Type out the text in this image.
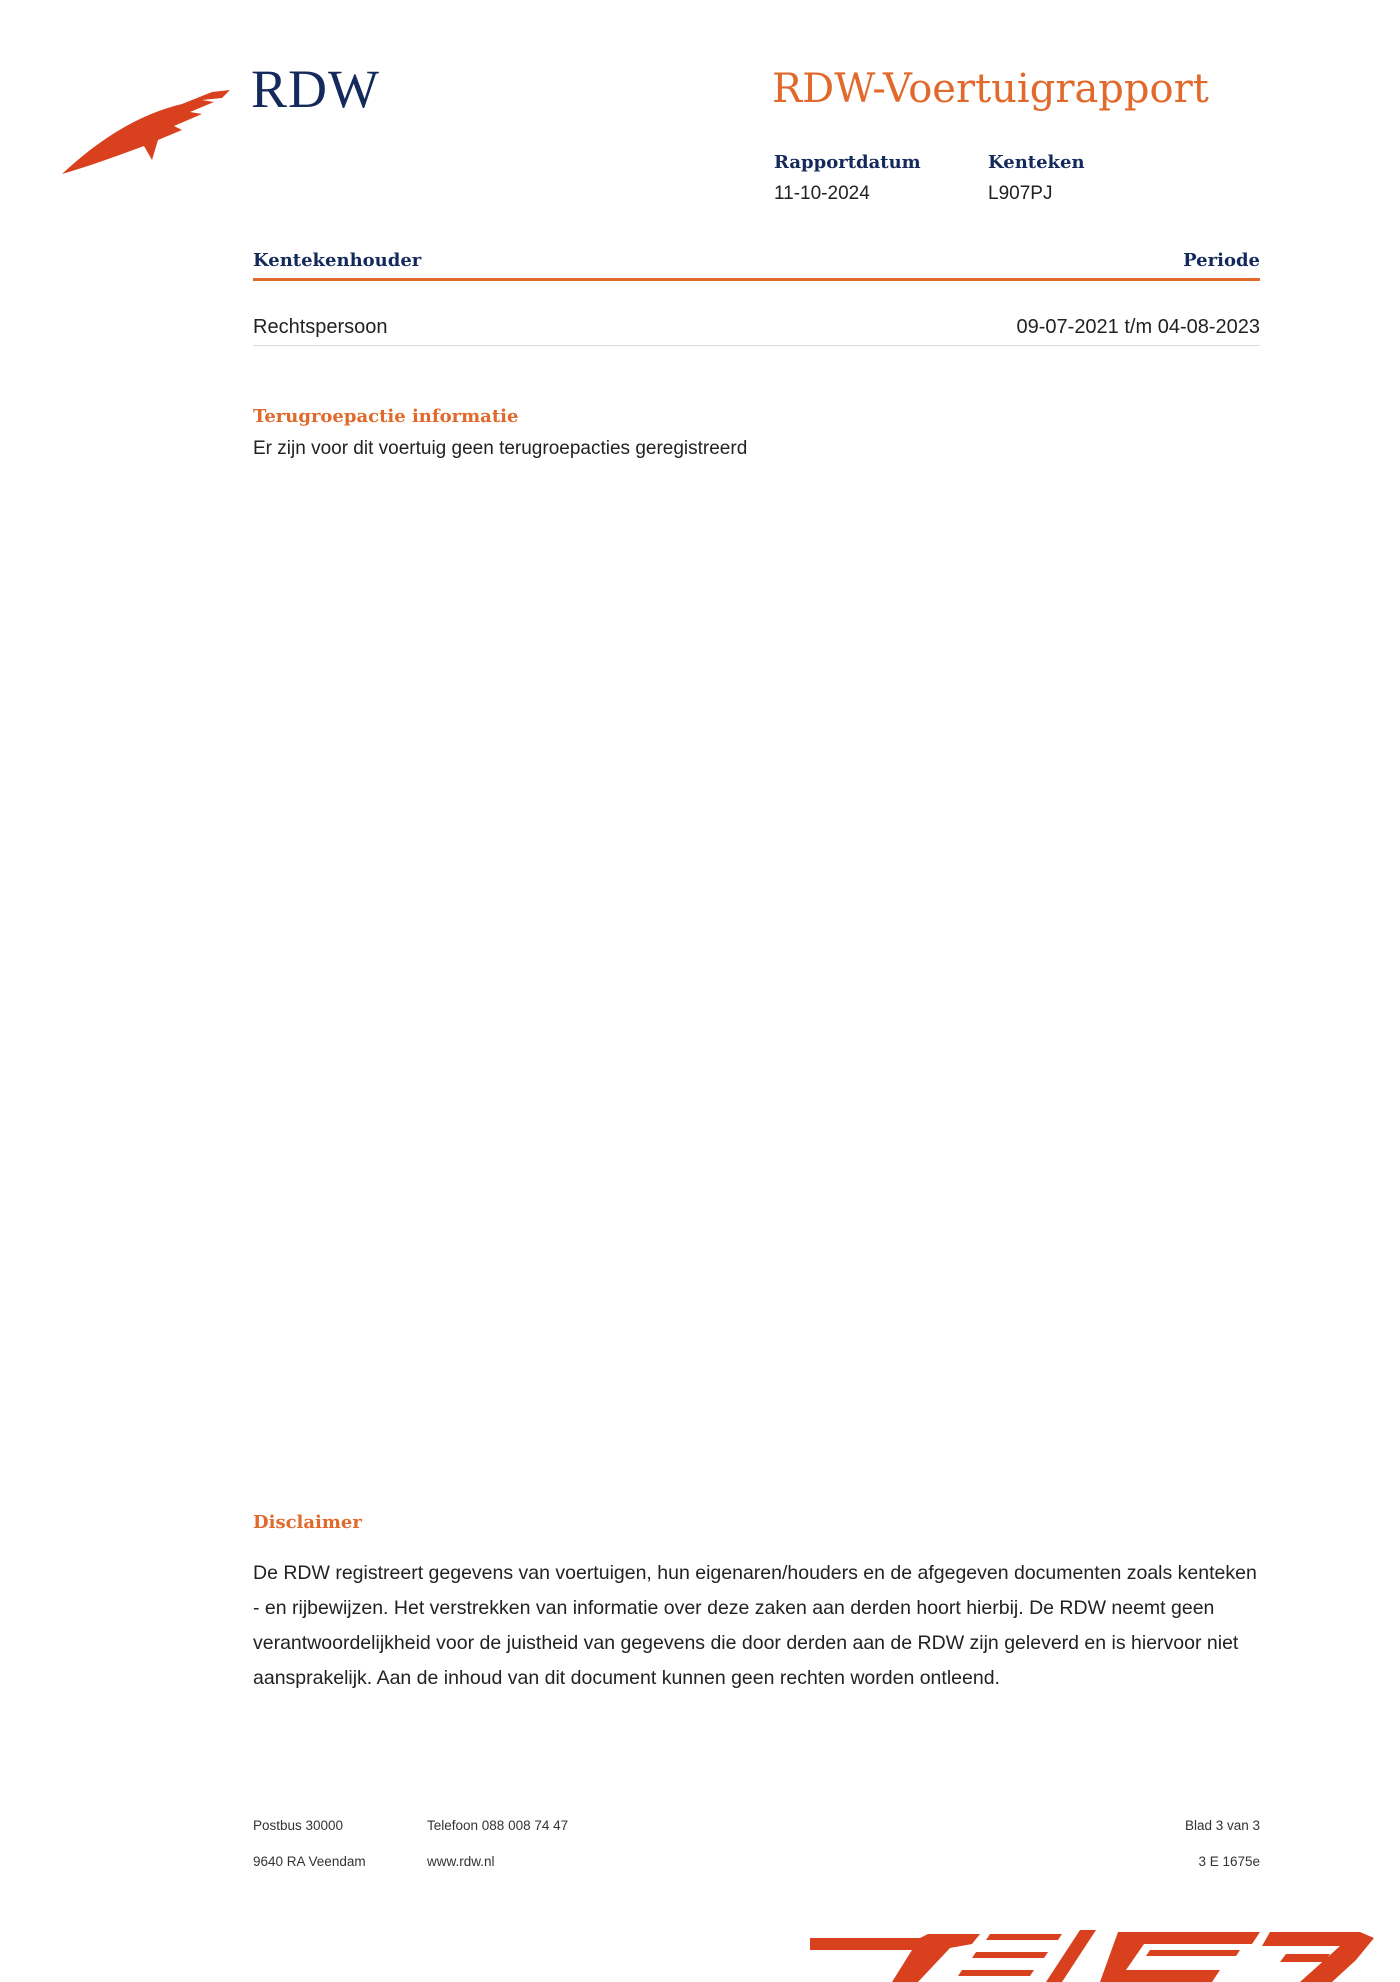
RDW	RDW-Voertuigrapport
Rapportdatum
11-10-2024
Kenteken
L907PJ
Kentekenhouder	Periode
Rechtspersoon	09-07-2021 t/m 04-08-2023
Terugroepactie informatie
Er zijn voor dit voertuig geen terugroepacties geregistreerd
Disclaimer
De RDW registreert gegevens van voertuigen, hun eigenaren/houders en de afgegeven documenten zoals kenteken - en rijbewijzen. Het verstrekken van informatie over deze zaken aan derden hoort hierbij. De RDW neemt geen verantwoordelijkheid voor de juistheid van gegevens die door derden aan de RDW zijn geleverd en is hiervoor niet aansprakelijk. Aan de inhoud van dit document kunnen geen rechten worden ontleend.
Postbus 30000
9640 RA Veendam
Telefoon 088 008 74 47
www.rdw.nl
Blad 3 van 3
3 E 1675e
